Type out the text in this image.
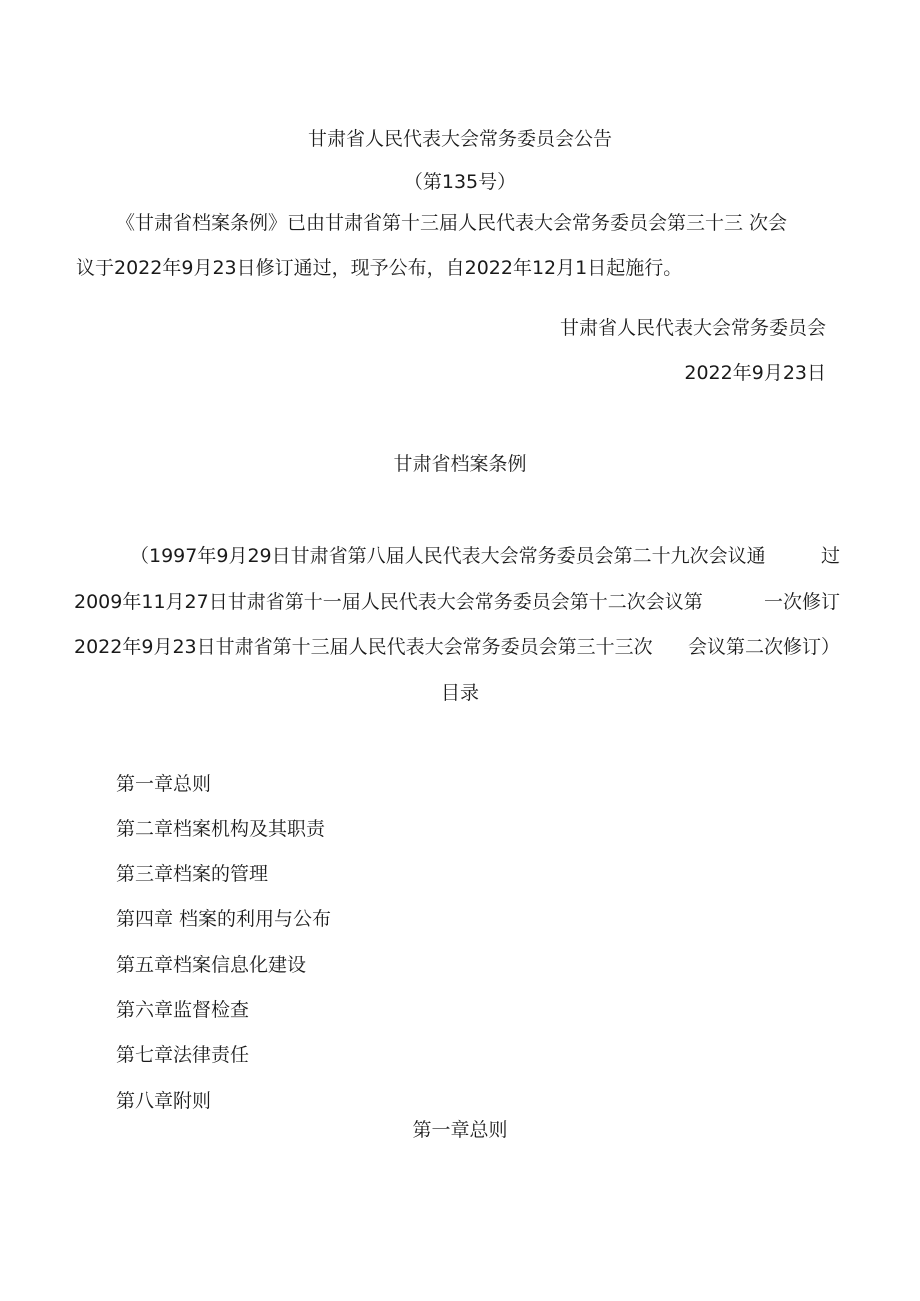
甘肃省人民代表大会常务委员会公告
（第135号）
《甘肃省档案条例》已由甘肃省第十三届人民代表大会常务委员会第三十三 次会
议于2022年9月23日修订通过，现予公布，自2022年12月1日起施行。
甘肃省人民代表大会常务委员会
2022年9月23日
甘肃省档案条例
（1997年9月29日甘肃省第八届人民代表大会常务委员会第二十九次会议通	过
2009年11月27日甘肃省第十一届人民代表大会常务委员会第十二次会议第	一次修订
2022年9月23日甘肃省第十三届人民代表大会常务委员会第三十三次 会议第二次修订）
目录
第一章总则
第二章档案机构及其职责
第三章档案的管理
第四章 档案的利用与公布
第五章档案信息化建设
第六章监督检查
第七章法律责任
第八章附则
第一章总则
